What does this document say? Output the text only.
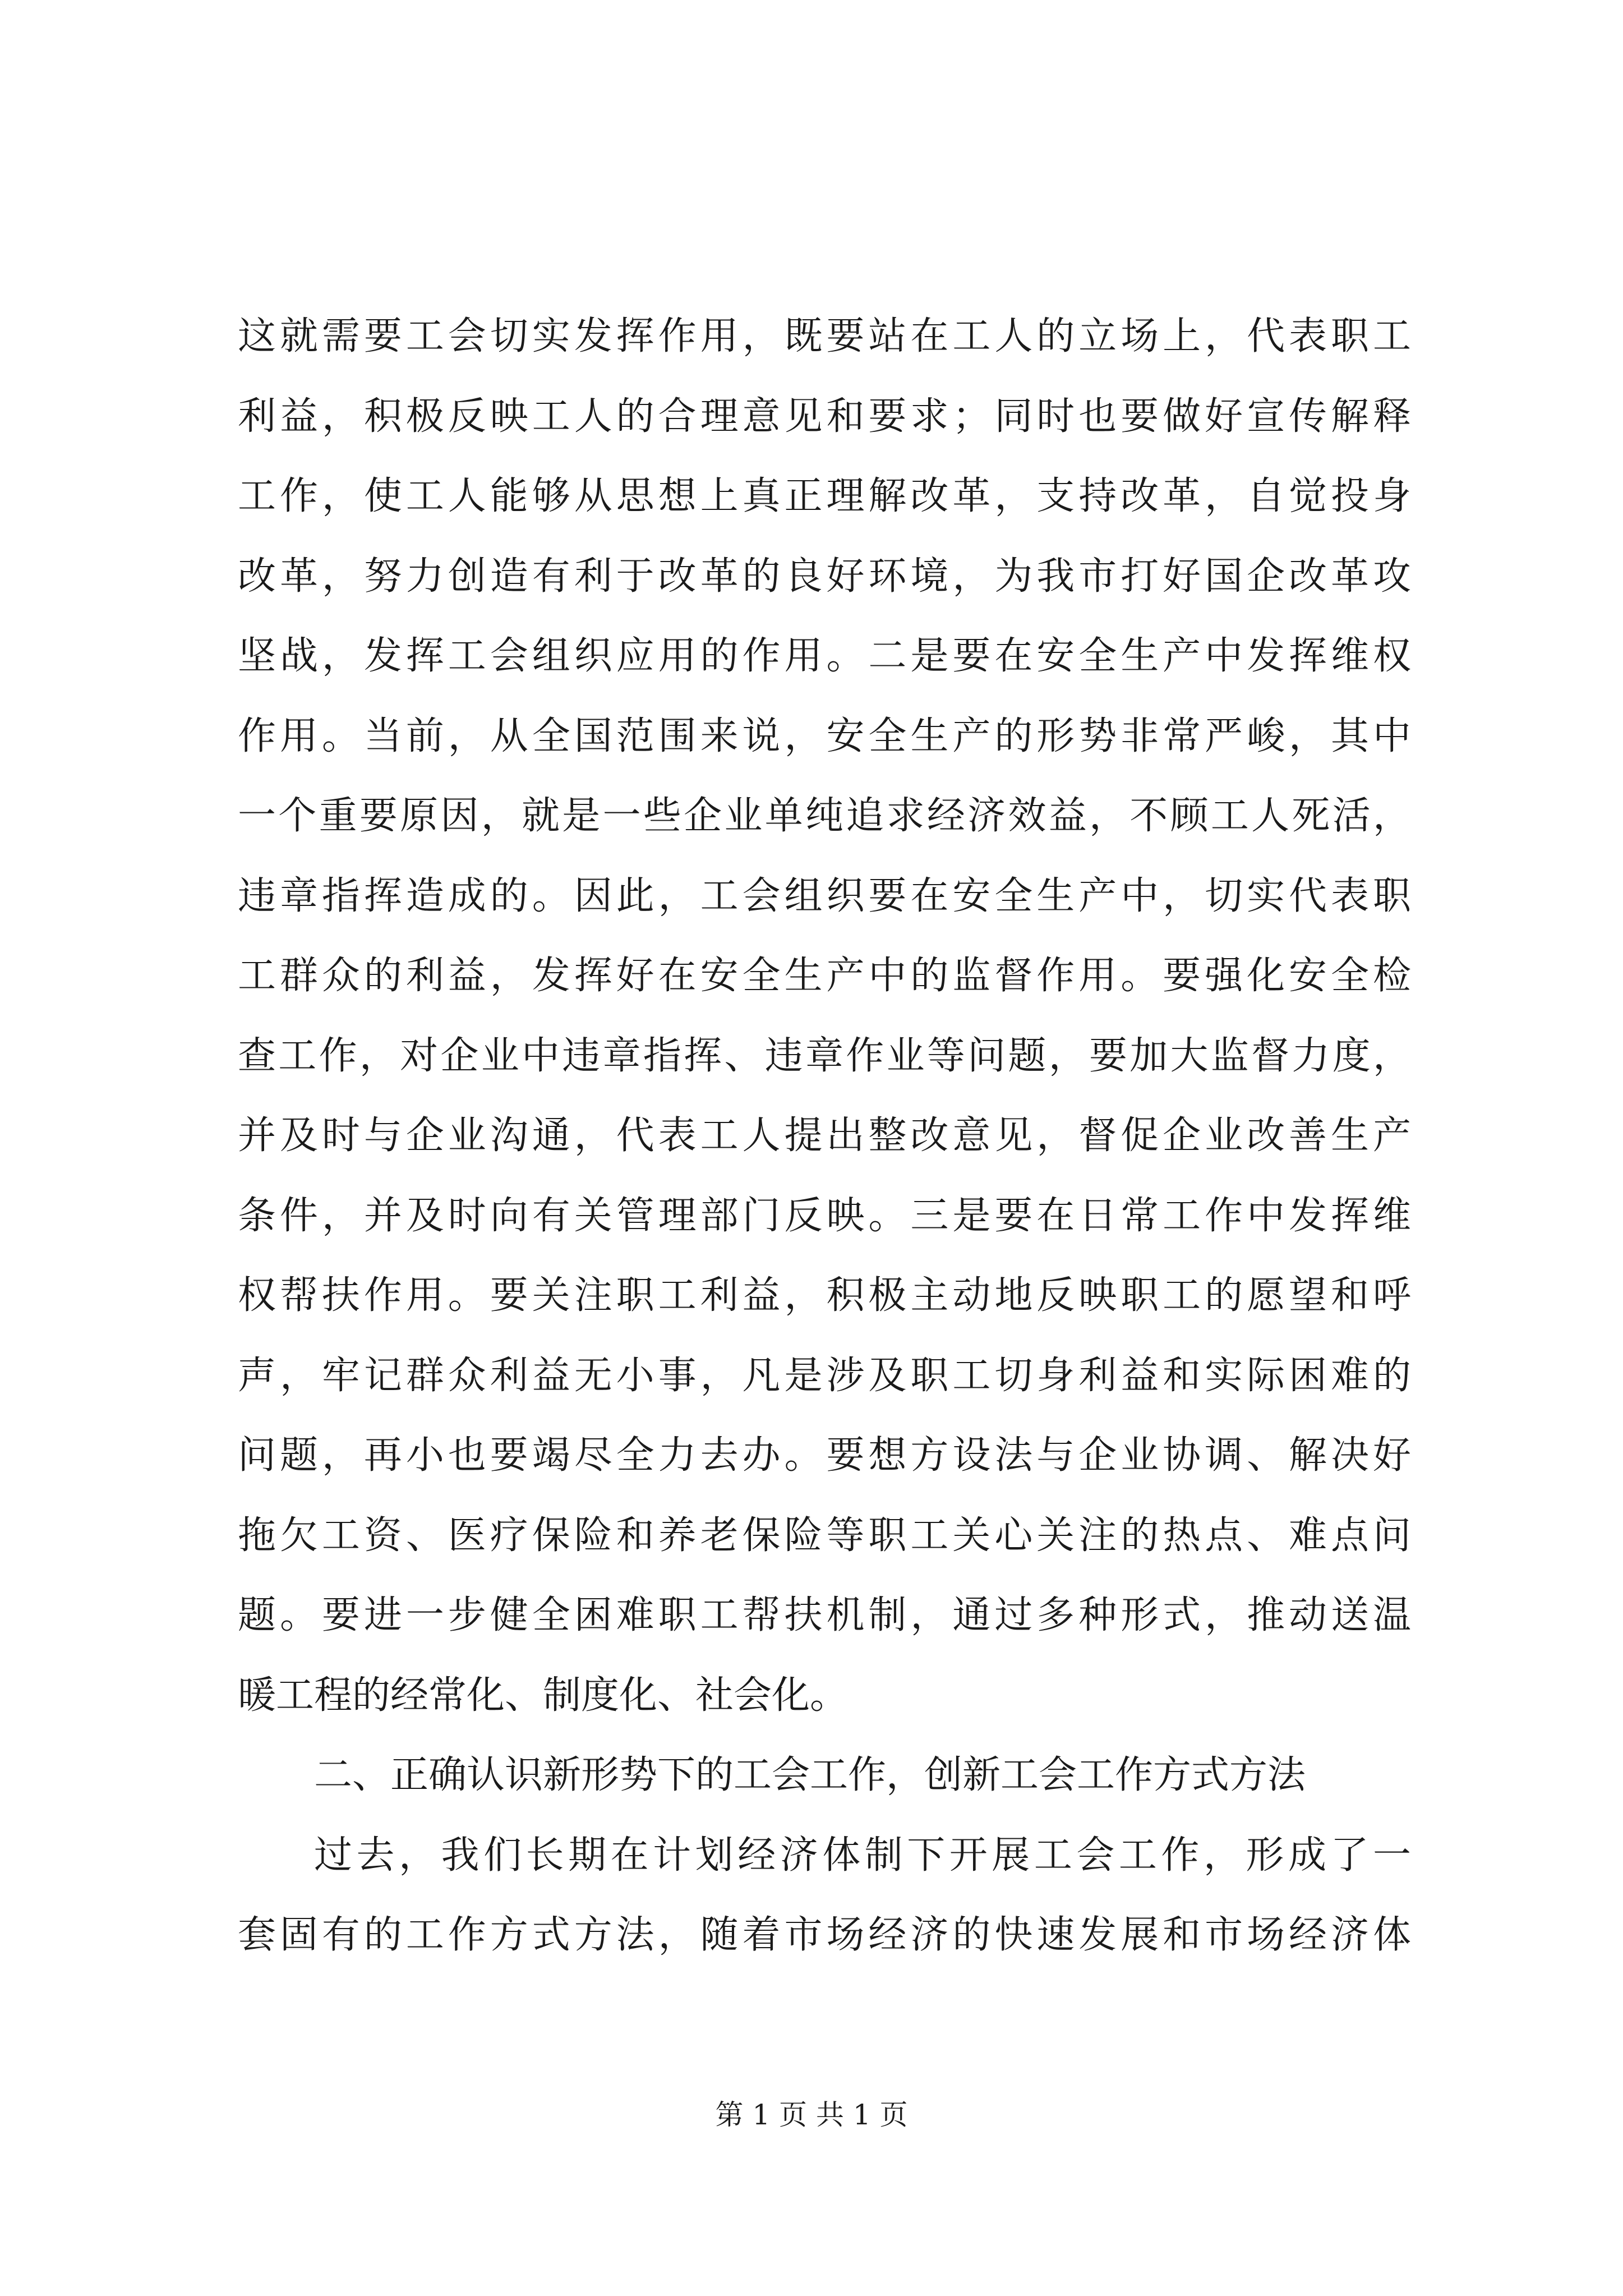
这就需要工会切实发挥作用，既要站在工人的立场上，代表职工
利益，积极反映工人的合理意见和要求；同时也要做好宣传解释
工作，使工人能够从思想上真正理解改革，支持改革，自觉投身
改革，努力创造有利于改革的良好环境，为我市打好国企改革攻
坚战，发挥工会组织应用的作用。二是要在安全生产中发挥维权
作用。当前，从全国范围来说，安全生产的形势非常严峻，其中
一个重要原因，就是一些企业单纯追求经济效益，不顾工人死活，
违章指挥造成的。因此，工会组织要在安全生产中，切实代表职
工群众的利益，发挥好在安全生产中的监督作用。要强化安全检
查工作，对企业中违章指挥、违章作业等问题，要加大监督力度，
并及时与企业沟通，代表工人提出整改意见，督促企业改善生产
条件，并及时向有关管理部门反映。三是要在日常工作中发挥维
权帮扶作用。要关注职工利益，积极主动地反映职工的愿望和呼
声，牢记群众利益无小事，凡是涉及职工切身利益和实际困难的
问题，再小也要竭尽全力去办。要想方设法与企业协调、解决好
拖欠工资、医疗保险和养老保险等职工关心关注的热点、难点问
题。要进一步健全困难职工帮扶机制，通过多种形式，推动送温
暖工程的经常化、制度化、社会化。
二、正确认识新形势下的工会工作，创新工会工作方式方法
过去，我们长期在计划经济体制下开展工会工作，形成了一
套固有的工作方式方法，随着市场经济的快速发展和市场经济体
第 1 页 共 1 页
